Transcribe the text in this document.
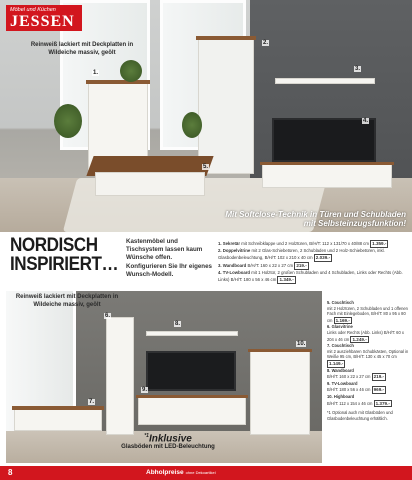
1.
2.
3.
4.
5.
Möbel und Küchen
JESSEN
Reinweiß lackiert mit Deckplatten in Wildeiche massiv, geölt
Mit Softclose-Technik in Türen und Schubladen mit Selbsteinzugsfunktion!
NORDISCH
INSPIRIERT…
Kastenmöbel und Tischsystem lassen kaum Wünsche offen. Konfigurieren Sie Ihr eigenes Wunsch-Modell.
1. Sekretär mit Schreibklappe und 2 Holztüren, B/H/T: 112 x 131/70 x 40/88 cm 1.359.-
2. Doppelvitrine mit 2 Glas-Schiebetüren, 2 Schubladen und 2 Holz-Schiebetüren, inkl. Glasbodenbeleuchtung, B/H/T: 102 x 210 x 40 cm 2.039.-
3. Wandboard B/H/T: 160 x 22 x 27 cm 219.-
4. TV-Lowboard mit 1 Holztür, 2 großen Schubladen und 4 Schubladen, Links oder Rechts (Abb. Links) B/H/T: 180 x 56 x 46 cm 1.349.-
6.
7.
8.
9.
10.
Reinweiß lackiert mit Deckplatten in Wildeiche massiv, geölt
$^{*1}$Inklusive
Glasböden mit LED-Beleuchtung
5. Couchtisch
mit 2 Holztüren, 2 Schubladen und 1 offenen Fach mit Einlegeboden, B/H/T: 80 x 95 x 80 cm 1.169.-
6. Glasvitrine
Links oder Rechts (Abb. Links) B/H/T: 60 x 204 x 46 cm 1.249.-
7. Couchtisch
mit 2 ausziehbaren Schubkästen, Optional in Weiße 95 cm, B/H/T: 130 x 45 x 70 cm 1.149.-
8. Wandboard
B/H/T: 160 x 22 x 27 cm 219.-
9. TV-Lowboard
B/H/T: 180 x 56 x 46 cm 969.-
10. Highboard
B/H/T: 112 x 154 x 46 cm 1.379.-
*1 Optional auch mit Glasböden und Glasbodenbeleuchtung erhältlich.
8	Abholpreise ohne Dekoartikel
